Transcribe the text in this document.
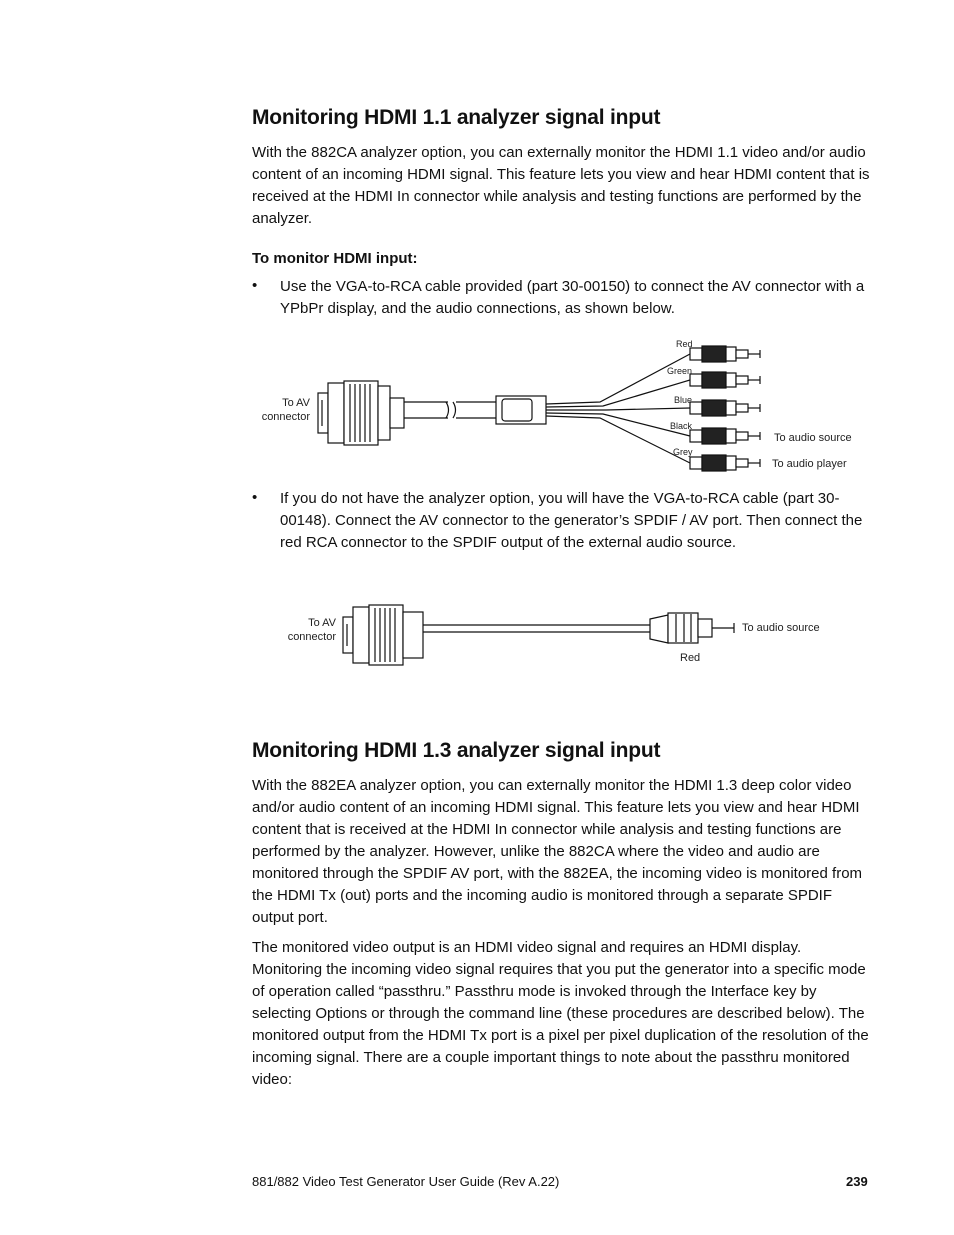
Monitoring HDMI 1.1 analyzer signal input

With the 882CA analyzer option, you can externally monitor the HDMI 1.1 video and/or audio content of an incoming HDMI signal. This feature lets you view and hear HDMI content that is received at the HDMI In connector while analysis and testing functions are performed by the analyzer.

To monitor HDMI input:
• Use the VGA-to-RCA cable provided (part 30-00150) to connect the AV connector with a YPbPr display, and the audio connections, as shown below.

To AV
connector
Red
Green
Blue
Black
Grey
To audio source
To audio player
• If you do not have the analyzer option, you will have the VGA-to-RCA cable (part 30-00148). Connect the AV connector to the generator’s SPDIF / AV port. Then connect the red RCA connector to the SPDIF output of the external audio source.

To AV
connector
To audio source
Red
Monitoring HDMI 1.3 analyzer signal input

With the 882EA analyzer option, you can externally monitor the HDMI 1.3 deep color video and/or audio content of an incoming HDMI signal. This feature lets you view and hear HDMI content that is received at the HDMI In connector while analysis and testing functions are performed by the analyzer. However, unlike the 882CA where the video and audio are monitored through the SPDIF AV port, with the 882EA, the incoming video is monitored from the HDMI Tx (out) ports and the incoming audio is monitored through a separate SPDIF output port.

The monitored video output is an HDMI video signal and requires an HDMI display. Monitoring the incoming video signal requires that you put the generator into a specific mode of operation called “passthru.” Passthru mode is invoked through the Interface key by selecting Options or through the command line (these procedures are described below). The monitored output from the HDMI Tx port is a pixel per pixel duplication of the resolution of the incoming signal. There are a couple important things to note about the passthru monitored video:

881/882 Video Test Generator User Guide (Rev A.22)	239
